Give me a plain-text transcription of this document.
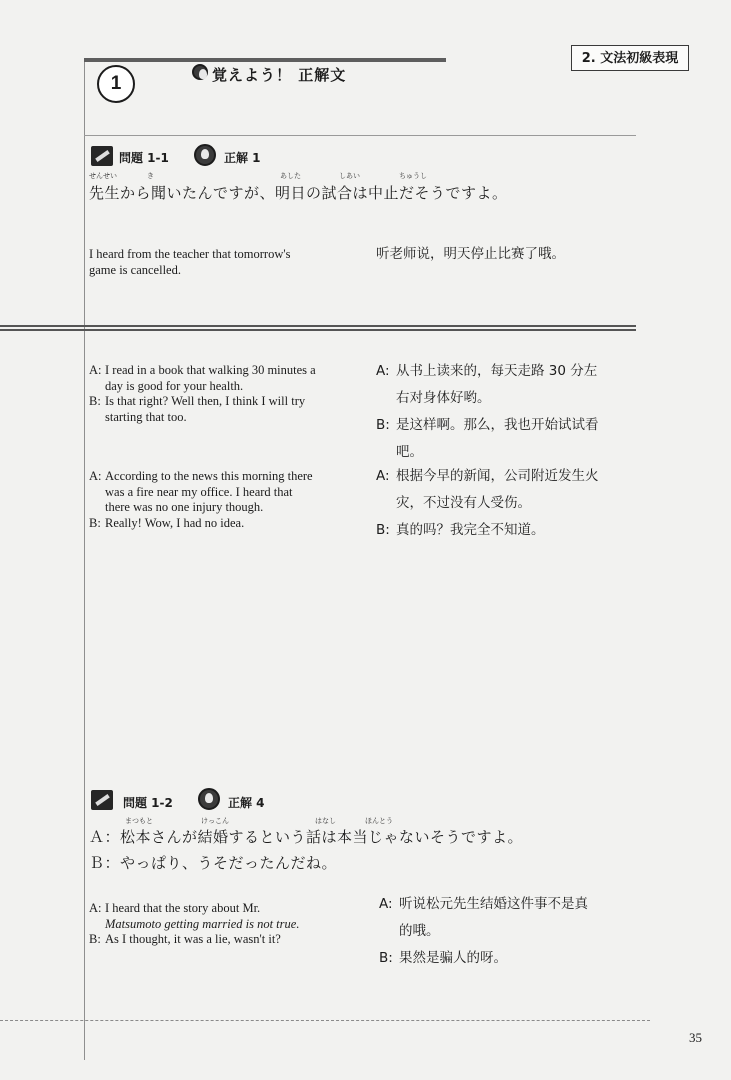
2. 文法初級表現
1	覚えよう！ 正解文
問題 1-1	正解 1
せんせい	き	あした	しあい	ちゅうし
先生から聞いたんですが、明日の試合は中止だそうですよ。
I heard from the teacher that tomorrow's
game is cancelled.
听老师说，明天停止比赛了哦。
A: I read in a book that walking 30 minutes a
day is good for your health.
B: Is that right? Well then, I think I will try
starting that too.
A: 从书上读来的，每天走路 30 分左
右对身体好哟。
B: 是这样啊。那么，我也开始试试看
吧。
A: According to the news this morning there
was a fire near my office. I heard that
there was no one injury though.
B: Really! Wow, I had no idea.
A: 根据今早的新闻，公司附近发生火
灾，不过没有人受伤。
B: 真的吗？我完全不知道。
問題 1-2	正解 4
まつもと	けっこん	はなし	ほんとう
Ａ：松本さんが結婚するという話は本当じゃないそうですよ。
Ｂ：やっぱり、うそだったんだね。
A: I heard that the story about Mr.
Matsumoto getting married is not true.
B: As I thought, it was a lie, wasn't it?
A: 听说松元先生结婚这件事不是真
的哦。
B: 果然是骗人的呀。
35
